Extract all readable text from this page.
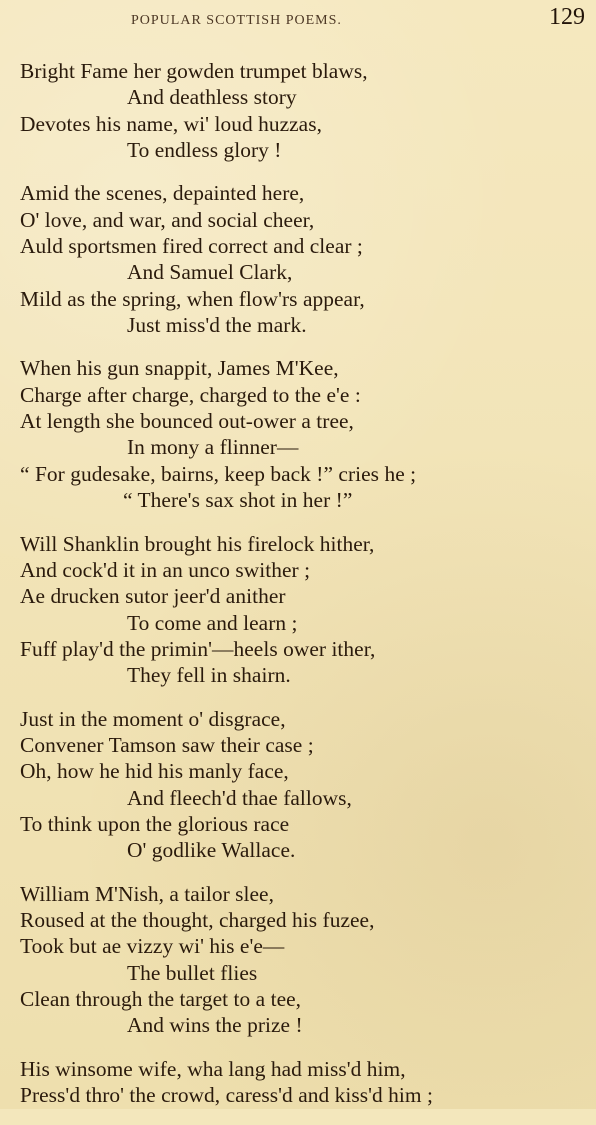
POPULAR SCOTTISH POEMS.	129
Bright Fame her gowden trumpet blaws,
And deathless story
Devotes his name, wi' loud huzzas,
To endless glory !
Amid the scenes, depainted here,
O' love, and war, and social cheer,
Auld sportsmen fired correct and clear ;
And Samuel Clark,
Mild as the spring, when flow'rs appear,
Just miss'd the mark.
When his gun snappit, James M'Kee,
Charge after charge, charged to the e'e :
At length she bounced out-ower a tree,
In mony a flinner—
“ For gudesake, bairns, keep back !” cries he ;
“ There's sax shot in her !”
Will Shanklin brought his firelock hither,
And cock'd it in an unco swither ;
Ae drucken sutor jeer'd anither
To come and learn ;
Fuff play'd the primin'—heels ower ither,
They fell in shairn.
Just in the moment o' disgrace,
Convener Tamson saw their case ;
Oh, how he hid his manly face,
And fleech'd thae fallows,
To think upon the glorious race
O' godlike Wallace.
William M'Nish, a tailor slee,
Roused at the thought, charged his fuzee,
Took but ae vizzy wi' his e'e—
The bullet flies
Clean through the target to a tee,
And wins the prize !
His winsome wife, wha lang had miss'd him,
Press'd thro' the crowd, caress'd and kiss'd him ;
